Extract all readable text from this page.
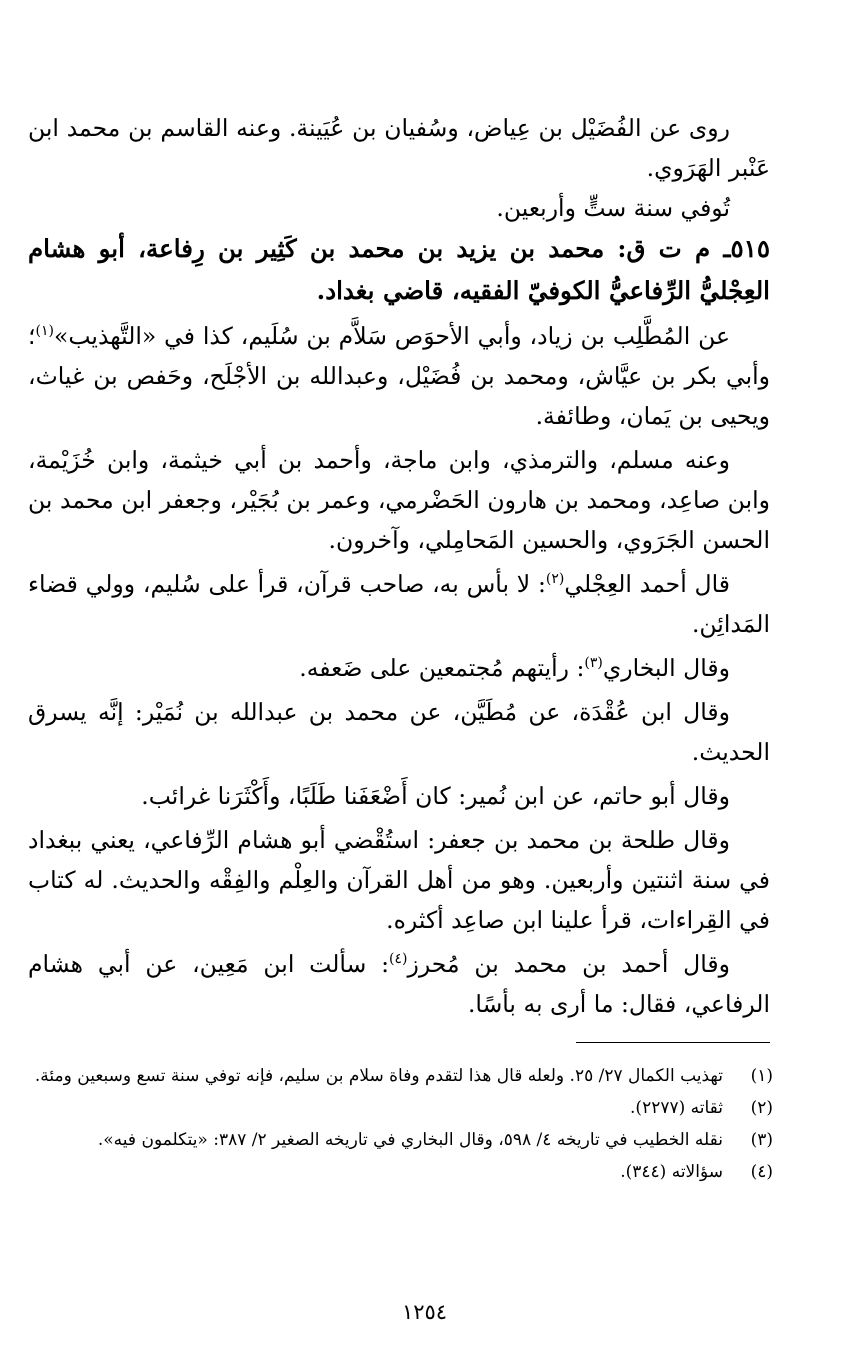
روى عن الفُضَيْل بن عِياض، وسُفيان بن عُيَينة. وعنه القاسم بن محمد ابن عَنْبر الهَرَوي.

تُوفي سنة ستٍّ وأربعين.

٥١٥ـ م ت ق: محمد بن يزيد بن محمد بن كَثِير بن رِفاعة، أبو هشام العِجْليُّ الرِّفاعيُّ الكوفيّ الفقيه، قاضي بغداد.

عن المُطَّلِب بن زياد، وأبي الأحوَص سَلاَّم بن سُلَيم، كذا في «التَّهذيب»$^{(١)}$؛ وأبي بكر بن عيَّاش، ومحمد بن فُضَيْل، وعبدالله بن الأجْلَح، وحَفص بن غياث، ويحيى بن يَمان، وطائفة.

وعنه مسلم، والترمذي، وابن ماجة، وأحمد بن أبي خيثمة، وابن خُزَيْمة، وابن صاعِد، ومحمد بن هارون الحَضْرمي، وعمر بن بُجَيْر، وجعفر ابن محمد بن الحسن الجَرَوي، والحسين المَحامِلي، وآخرون.

قال أحمد العِجْلي$^{(٢)}$: لا بأس به، صاحب قرآن، قرأ على سُليم، وولي قضاء المَدائِن.

وقال البخاري$^{(٣)}$: رأيتهم مُجتمعين على ضَعفه.

وقال ابن عُقْدَة، عن مُطَيَّن، عن محمد بن عبدالله بن نُمَيْر: إنَّه يسرق الحديث.

وقال أبو حاتم، عن ابن نُمير: كان أَضْعَفَنا طَلَبًا، وأَكْثَرَنا غرائب.

وقال طلحة بن محمد بن جعفر: استُقْضي أبو هشام الرِّفاعي، يعني ببغداد في سنة اثنتين وأربعين. وهو من أهل القرآن والعِلْم والفِقْه والحديث. له كتاب في القِراءات، قرأ علينا ابن صاعِد أكثره.

وقال أحمد بن محمد بن مُحرز$^{(٤)}$: سألت ابن مَعِين، عن أبي هشام الرفاعي، فقال: ما أرى به بأسًا.

(١)
تهذيب الكمال ٢٧/ ٢٥. ولعله قال هذا لتقدم وفاة سلام بن سليم، فإنه توفي سنة تسع وسبعين ومئة.
(٢)
ثقاته (٢٢٧٧).
(٣)
نقله الخطيب في تاريخه ٤/ ٥٩٨، وقال البخاري في تاريخه الصغير ٢/ ٣٨٧: «يتكلمون فيه».
(٤)
سؤالاته (٣٤٤).
١٢٥٤
